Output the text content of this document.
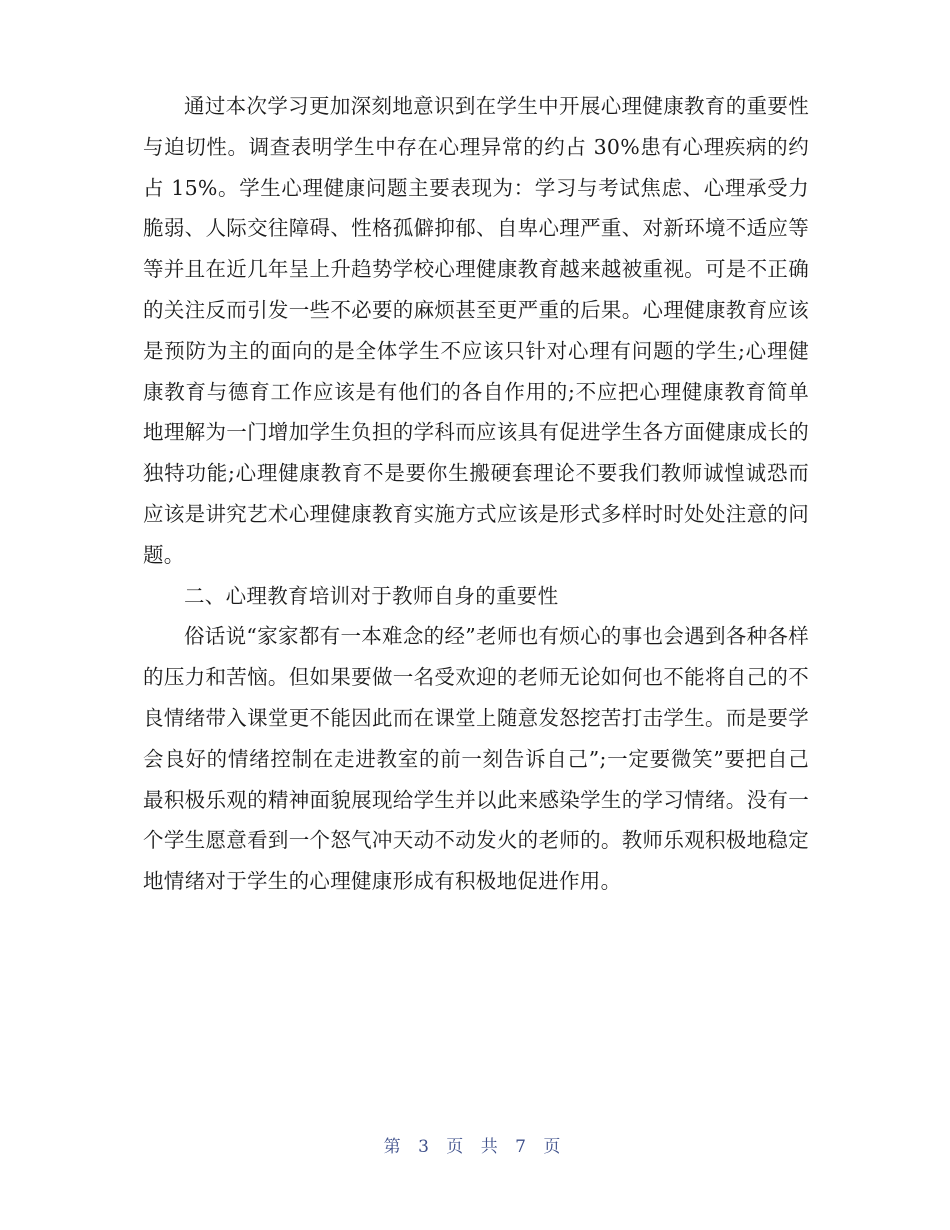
通过本次学习更加深刻地意识到在学生中开展心理健康教育的重要性与迫切性。调查表明学生中存在心理异常的约占 30%患有心理疾病的约占 15%。学生心理健康问题主要表现为：学习与考试焦虑、心理承受力脆弱、人际交往障碍、性格孤僻抑郁、自卑心理严重、对新环境不适应等等并且在近几年呈上升趋势学校心理健康教育越来越被重视。可是不正确的关注反而引发一些不必要的麻烦甚至更严重的后果。心理健康教育应该是预防为主的面向的是全体学生不应该只针对心理有问题的学生;心理健康教育与德育工作应该是有他们的各自作用的;不应把心理健康教育简单地理解为一门增加学生负担的学科而应该具有促进学生各方面健康成长的独特功能;心理健康教育不是要你生搬硬套理论不要我们教师诚惶诚恐而应该是讲究艺术心理健康教育实施方式应该是形式多样时时处处注意的问题。

二、心理教育培训对于教师自身的重要性

俗话说“家家都有一本难念的经”老师也有烦心的事也会遇到各种各样的压力和苦恼。但如果要做一名受欢迎的老师无论如何也不能将自己的不良情绪带入课堂更不能因此而在课堂上随意发怒挖苦打击学生。而是要学会良好的情绪控制在走进教室的前一刻告诉自己”;一定要微笑”要把自己最积极乐观的精神面貌展现给学生并以此来感染学生的学习情绪。没有一个学生愿意看到一个怒气冲天动不动发火的老师的。教师乐观积极地稳定地情绪对于学生的心理健康形成有积极地促进作用。

第 3 页 共 7 页
